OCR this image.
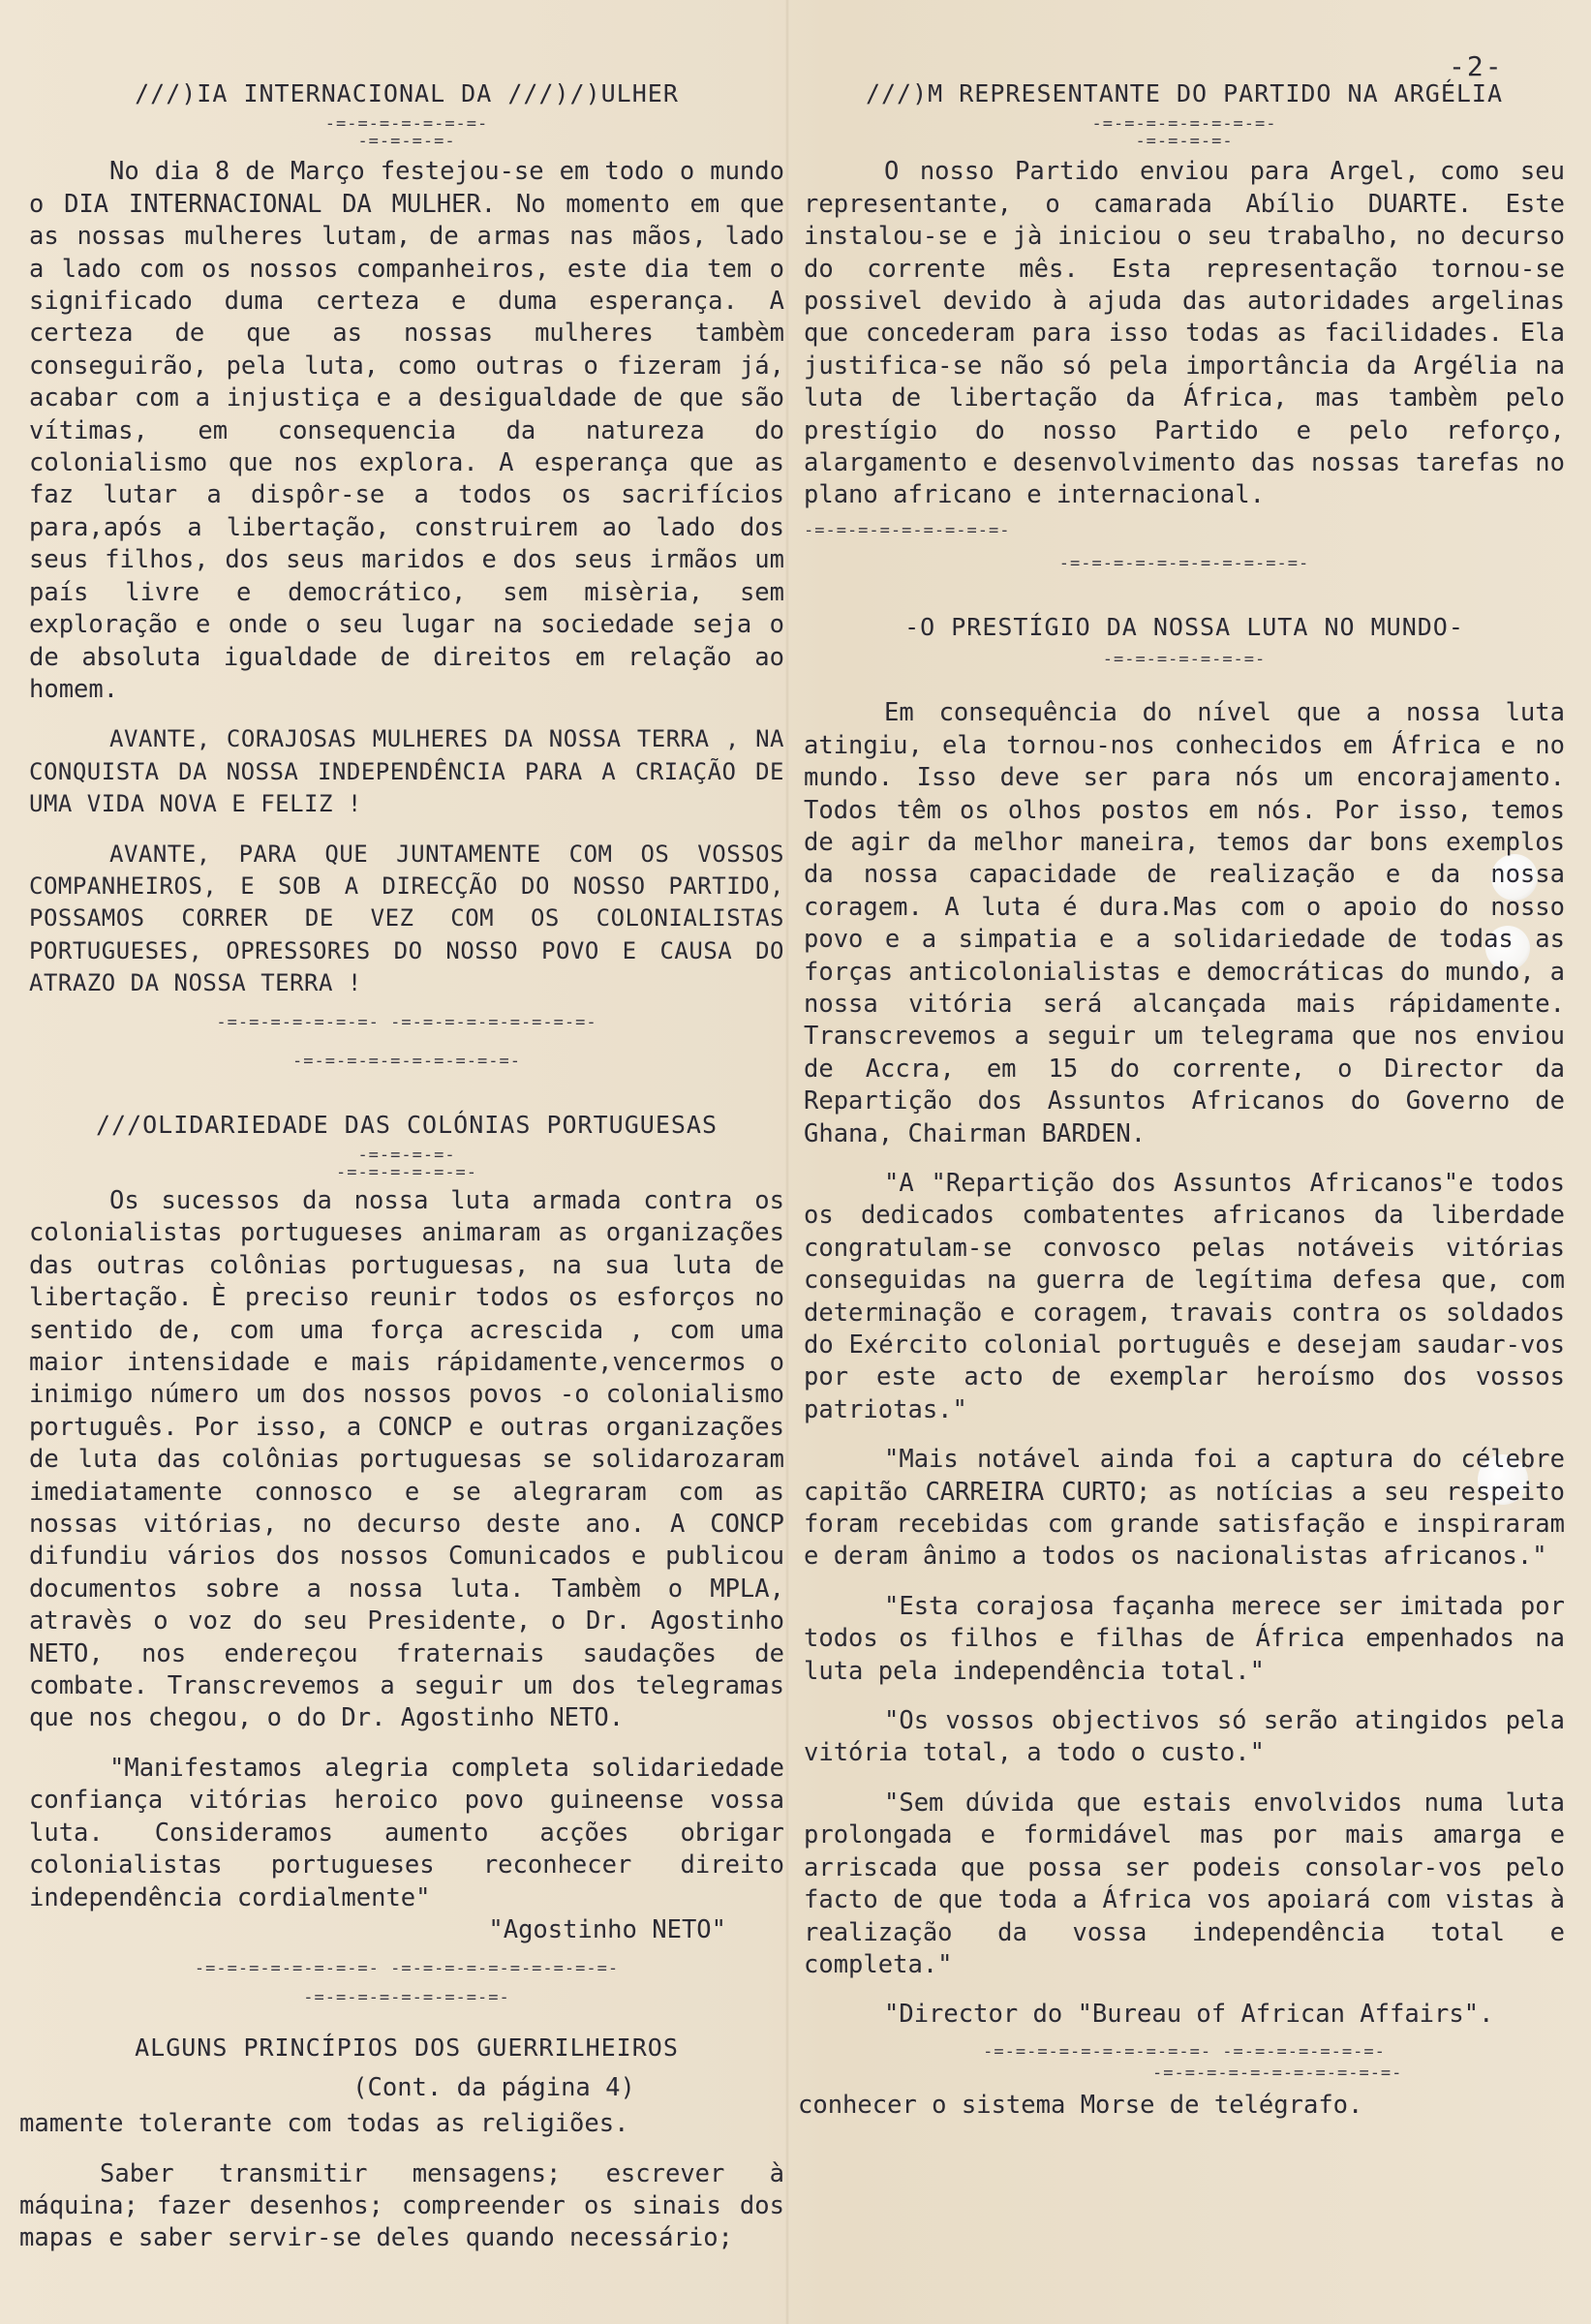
-2-
∕∕∕)IA INTERNACIONAL DA ∕∕∕)/)ULHER
-=-=-=-=-=-=-=-
-=-=-=-=-

No dia 8 de Março festejou-se em todo o mundo o DIA INTERNACIONAL DA MULHER. No momento em que as nossas mulheres lutam, de armas nas mãos, lado a lado com os nossos companheiros, este dia tem o significado duma certeza e duma esperança. A certeza de que as nossas mulheres tambèm conseguirão, pela luta, como outras o fizeram já, acabar com a injustiça e a desigualdade de que são vítimas, em consequencia da natureza do colonialismo que nos explora. A esperança que as faz lutar a dispôr-se a todos os sacrifícios para,após a libertação, construirem ao lado dos seus filhos, dos seus maridos e dos seus irmãos um país livre e democrático, sem misèria, sem exploração e onde o seu lugar na sociedade seja o de absoluta igualdade de direitos em relação ao homem.

AVANTE, CORAJOSAS MULHERES DA NOSSA TERRA , NA CONQUISTA DA NOSSA INDEPENDÊNCIA PARA A CRIAÇÃO DE UMA VIDA NOVA E FELIZ !

AVANTE, PARA QUE JUNTAMENTE COM OS VOSSOS COMPANHEIROS, E SOB A DIRECÇÃO DO NOSSO PARTIDO, POSSAMOS CORRER DE VEZ COM OS COLONIALISTAS PORTUGUESES, OPRESSORES DO NOSSO POVO E CAUSA DO ATRAZO DA NOSSA TERRA !

-=-=-=-=-=-=-=- -=-=-=-=-=-=-=-=-=-
-=-=-=-=-=-=-=-=-=-=-
∕∕∕OLIDARIEDADE DAS COLÓNIAS PORTUGUESAS
-=-=-=-=-
-=-=-=-=-=-=-

Os sucessos da nossa luta armada contra os colonialistas portugueses animaram as organizações das outras colônias portuguesas, na sua luta de libertação. È preciso reunir todos os esforços no sentido de, com uma força acrescida , com uma maior intensidade e mais rápidamente,vencermos o inimigo número um dos nossos povos -o colonialismo português. Por isso, a CONCP e outras organizações de luta das colônias portuguesas se solidarozaram imediatamente connosco e se alegraram com as nossas vitórias, no decurso deste ano. A CONCP difundiu vários dos nossos Comunicados e publicou documentos sobre a nossa luta. Tambèm o MPLA, atravès o voz do seu Presidente, o Dr. Agostinho NETO, nos endereçou fraternais saudações de combate. Transcrevemos a seguir um dos telegramas que nos chegou, o do Dr. Agostinho NETO.

"Manifestamos alegria completa solidariedade confiança vitórias heroico povo guineense vossa luta. Consideramos aumento acções obrigar colonialistas portugueses reconhecer direito independência cordialmente"

"Agostinho NETO"

-=-=-=-=-=-=-=-=- -=-=-=-=-=-=-=-=-=-=-
-=-=-=-=-=-=-=-=-=-
ALGUNS PRINCÍPIOS DOS GUERRILHEIROS

(Cont. da página 4)

mamente tolerante com todas as religiões.

Saber transmitir mensagens; escrever à máquina; fazer desenhos; compreender os sinais dos mapas e saber servir-se deles quando necessário;

∕∕∕)M REPRESENTANTE DO PARTIDO NA ARGÉLIA
-=-=-=-=-=-=-=-=-
-=-=-=-=-

O nosso Partido enviou para Argel, como seu representante, o camarada Abílio DUARTE. Este instalou-se e jà iniciou o seu trabalho, no decurso do corrente mês. Esta representação tornou-se possivel devido à ajuda das autoridades argelinas que concederam para isso todas as facilidades. Ela justifica-se não só pela importância da Argélia na luta de libertação da África, mas tambèm pelo prestígio do nosso Partido e pelo reforço, alargamento e desenvolvimento das nossas tarefas no plano africano e internacional.

-=-=-=-=-=-=-=-=-=-
-=-=-=-=-=-=-=-=-=-=-=-
-O PRESTÍGIO DA NOSSA LUTA NO MUNDO-
-=-=-=-=-=-=-=-

Em consequência do nível que a nossa luta atingiu, ela tornou-nos conhecidos em África e no mundo. Isso deve ser para nós um encorajamento. Todos têm os olhos postos em nós. Por isso, temos de agir da melhor maneira, temos dar bons exemplos da nossa capacidade de realização e da nossa coragem. A luta é dura.Mas com o apoio do nosso povo e a simpatia e a solidariedade de todas as forças anticolonialistas e democráticas do mundo, a nossa vitória será alcançada mais rápidamente. Transcrevemos a seguir um telegrama que nos enviou de Accra, em 15 do corrente, o Director da Repartição dos Assuntos Africanos do Governo de Ghana, Chairman BARDEN.

"A "Repartição dos Assuntos Africanos"e todos os dedicados combatentes africanos da liberdade congratulam-se convosco pelas notáveis vitórias conseguidas na guerra de legítima defesa que, com determinação e coragem, travais contra os soldados do Exército colonial português e desejam saudar-vos por este acto de exemplar heroísmo dos vossos patriotas."

"Mais notável ainda foi a captura do célebre capitão CARREIRA CURTO; as notícias a seu respeito foram recebidas com grande satisfação e inspiraram e deram ânimo a todos os nacionalistas africanos."

"Esta corajosa façanha merece ser imitada por todos os filhos e filhas de África empenhados na luta pela independência total."

"Os vossos objectivos só serão atingidos pela vitória total, a todo o custo."

"Sem dúvida que estais envolvidos numa luta prolongada e formidável mas por mais amarga e arriscada que possa ser podeis consolar-vos pelo facto de que toda a África vos apoiará com vistas à realização da vossa independência total e completa."

"Director do "Bureau of African Affairs".

-=-=-=-=-=-=-=-=-=-=- -=-=-=-=-=-=-=-
-=-=-=-=-=-=-=-=-=-=-=-

conhecer o sistema Morse de telégrafo.
